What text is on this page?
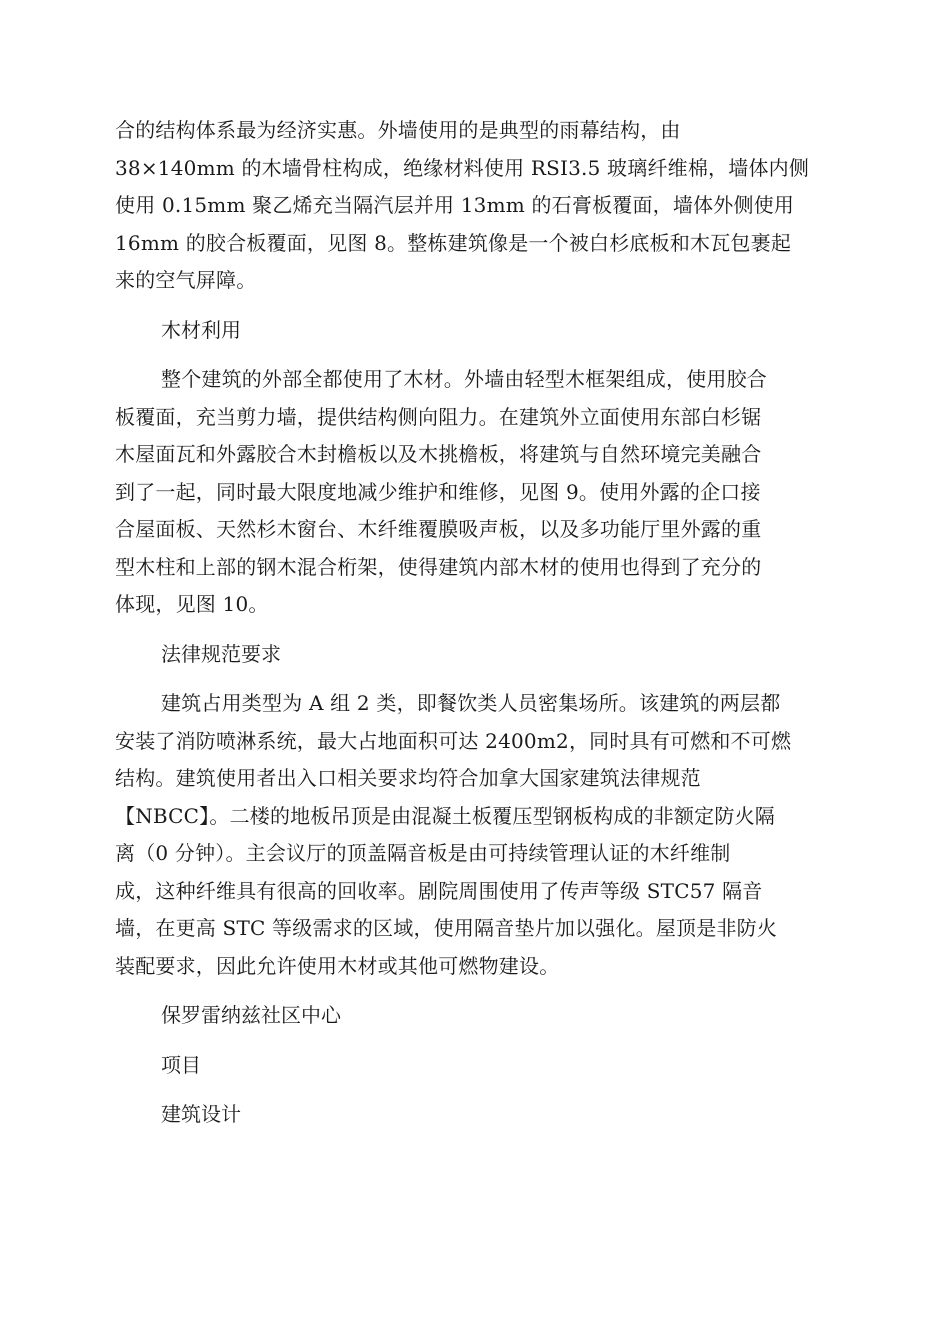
合的结构体系最为经济实惠。外墙使用的是典型的雨幕结构，由
38×140mm 的木墙骨柱构成，绝缘材料使用 RSI3.5 玻璃纤维棉，墙体内侧
使用 0.15mm 聚乙烯充当隔汽层并用 13mm 的石膏板覆面，墙体外侧使用
16mm 的胶合板覆面，见图 8。整栋建筑像是一个被白杉底板和木瓦包裹起
来的空气屏障。

木材利用

整个建筑的外部全都使用了木材。外墙由轻型木框架组成，使用胶合
板覆面，充当剪力墙，提供结构侧向阻力。在建筑外立面使用东部白杉锯
木屋面瓦和外露胶合木封檐板以及木挑檐板，将建筑与自然环境完美融合
到了一起，同时最大限度地减少维护和维修，见图 9。使用外露的企口接
合屋面板、天然杉木窗台、木纤维覆膜吸声板，以及多功能厅里外露的重
型木柱和上部的钢木混合桁架，使得建筑内部木材的使用也得到了充分的
体现，见图 10。

法律规范要求

建筑占用类型为 A 组 2 类，即餐饮类人员密集场所。该建筑的两层都
安装了消防喷淋系统，最大占地面积可达 2400m2，同时具有可燃和不可燃
结构。建筑使用者出入口相关要求均符合加拿大国家建筑法律规范
【NBCC】。二楼的地板吊顶是由混凝土板覆压型钢板构成的非额定防火隔
离（0 分钟）。主会议厅的顶盖隔音板是由可持续管理认证的木纤维制
成，这种纤维具有很高的回收率。剧院周围使用了传声等级 STC57 隔音
墙，在更高 STC 等级需求的区域，使用隔音垫片加以强化。屋顶是非防火
装配要求，因此允许使用木材或其他可燃物建设。

保罗雷纳兹社区中心

项目

建筑设计
